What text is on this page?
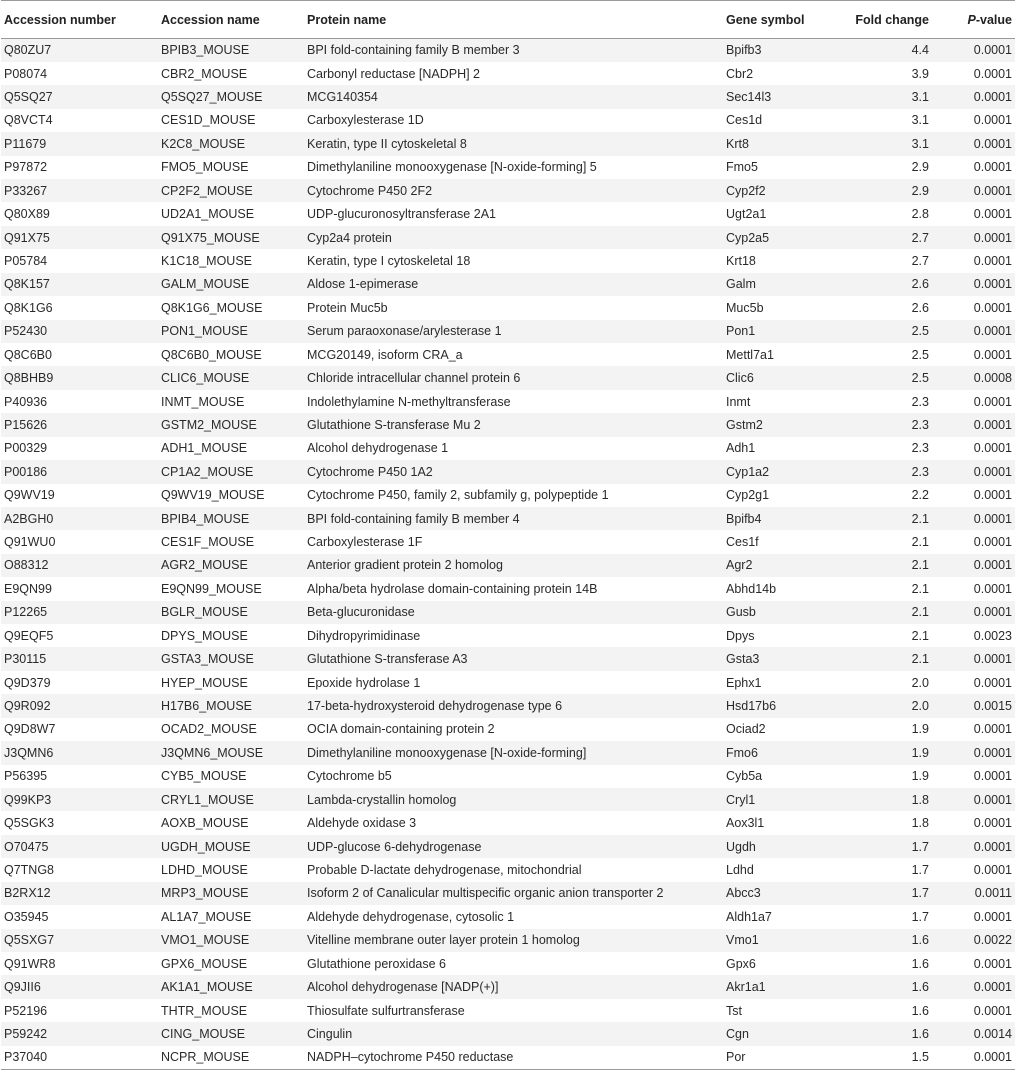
Accession number	Accession name	Protein name	Gene symbol	Fold change	P-value
Q80ZU7	BPIB3_MOUSE	BPI fold-containing family B member 3	Bpifb3	4.4	0.0001
P08074	CBR2_MOUSE	Carbonyl reductase [NADPH] 2	Cbr2	3.9	0.0001
Q5SQ27	Q5SQ27_MOUSE	MCG140354	Sec14l3	3.1	0.0001
Q8VCT4	CES1D_MOUSE	Carboxylesterase 1D	Ces1d	3.1	0.0001
P11679	K2C8_MOUSE	Keratin, type II cytoskeletal 8	Krt8	3.1	0.0001
P97872	FMO5_MOUSE	Dimethylaniline monooxygenase [N-oxide-forming] 5	Fmo5	2.9	0.0001
P33267	CP2F2_MOUSE	Cytochrome P450 2F2	Cyp2f2	2.9	0.0001
Q80X89	UD2A1_MOUSE	UDP-glucuronosyltransferase 2A1	Ugt2a1	2.8	0.0001
Q91X75	Q91X75_MOUSE	Cyp2a4 protein	Cyp2a5	2.7	0.0001
P05784	K1C18_MOUSE	Keratin, type I cytoskeletal 18	Krt18	2.7	0.0001
Q8K157	GALM_MOUSE	Aldose 1-epimerase	Galm	2.6	0.0001
Q8K1G6	Q8K1G6_MOUSE	Protein Muc5b	Muc5b	2.6	0.0001
P52430	PON1_MOUSE	Serum paraoxonase/arylesterase 1	Pon1	2.5	0.0001
Q8C6B0	Q8C6B0_MOUSE	MCG20149, isoform CRA_a	Mettl7a1	2.5	0.0001
Q8BHB9	CLIC6_MOUSE	Chloride intracellular channel protein 6	Clic6	2.5	0.0008
P40936	INMT_MOUSE	Indolethylamine N-methyltransferase	Inmt	2.3	0.0001
P15626	GSTM2_MOUSE	Glutathione S-transferase Mu 2	Gstm2	2.3	0.0001
P00329	ADH1_MOUSE	Alcohol dehydrogenase 1	Adh1	2.3	0.0001
P00186	CP1A2_MOUSE	Cytochrome P450 1A2	Cyp1a2	2.3	0.0001
Q9WV19	Q9WV19_MOUSE	Cytochrome P450, family 2, subfamily g, polypeptide 1	Cyp2g1	2.2	0.0001
A2BGH0	BPIB4_MOUSE	BPI fold-containing family B member 4	Bpifb4	2.1	0.0001
Q91WU0	CES1F_MOUSE	Carboxylesterase 1F	Ces1f	2.1	0.0001
O88312	AGR2_MOUSE	Anterior gradient protein 2 homolog	Agr2	2.1	0.0001
E9QN99	E9QN99_MOUSE	Alpha/beta hydrolase domain-containing protein 14B	Abhd14b	2.1	0.0001
P12265	BGLR_MOUSE	Beta-glucuronidase	Gusb	2.1	0.0001
Q9EQF5	DPYS_MOUSE	Dihydropyrimidinase	Dpys	2.1	0.0023
P30115	GSTA3_MOUSE	Glutathione S-transferase A3	Gsta3	2.1	0.0001
Q9D379	HYEP_MOUSE	Epoxide hydrolase 1	Ephx1	2.0	0.0001
Q9R092	H17B6_MOUSE	17-beta-hydroxysteroid dehydrogenase type 6	Hsd17b6	2.0	0.0015
Q9D8W7	OCAD2_MOUSE	OCIA domain-containing protein 2	Ociad2	1.9	0.0001
J3QMN6	J3QMN6_MOUSE	Dimethylaniline monooxygenase [N-oxide-forming]	Fmo6	1.9	0.0001
P56395	CYB5_MOUSE	Cytochrome b5	Cyb5a	1.9	0.0001
Q99KP3	CRYL1_MOUSE	Lambda-crystallin homolog	Cryl1	1.8	0.0001
Q5SGK3	AOXB_MOUSE	Aldehyde oxidase 3	Aox3l1	1.8	0.0001
O70475	UGDH_MOUSE	UDP-glucose 6-dehydrogenase	Ugdh	1.7	0.0001
Q7TNG8	LDHD_MOUSE	Probable D-lactate dehydrogenase, mitochondrial	Ldhd	1.7	0.0001
B2RX12	MRP3_MOUSE	Isoform 2 of Canalicular multispecific organic anion transporter 2	Abcc3	1.7	0.0011
O35945	AL1A7_MOUSE	Aldehyde dehydrogenase, cytosolic 1	Aldh1a7	1.7	0.0001
Q5SXG7	VMO1_MOUSE	Vitelline membrane outer layer protein 1 homolog	Vmo1	1.6	0.0022
Q91WR8	GPX6_MOUSE	Glutathione peroxidase 6	Gpx6	1.6	0.0001
Q9JII6	AK1A1_MOUSE	Alcohol dehydrogenase [NADP(+)]	Akr1a1	1.6	0.0001
P52196	THTR_MOUSE	Thiosulfate sulfurtransferase	Tst	1.6	0.0001
P59242	CING_MOUSE	Cingulin	Cgn	1.6	0.0014
P37040	NCPR_MOUSE	NADPH–cytochrome P450 reductase	Por	1.5	0.0001
